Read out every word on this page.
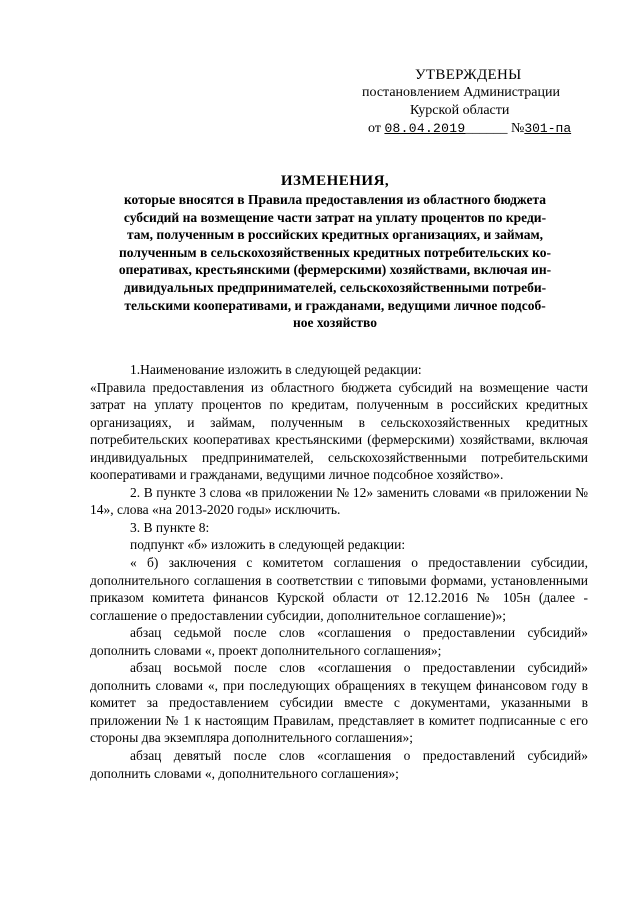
УТВЕРЖДЕНЫ
постановлением Администрации
Курской области
от 08.04.2019______ №301-па
ИЗМЕНЕНИЯ,
которые вносятся в Правила предоставления из областного бюджета
субсидий на возмещение части затрат на уплату процентов по креди-
там, полученным в российских кредитных организациях, и займам,
полученным в сельскохозяйственных кредитных потребительских ко-
оперативах, крестьянскими (фермерскими) хозяйствами, включая ин-
дивидуальных предпринимателей, сельскохозяйственными потреби-
тельскими кооперативами, и гражданами, ведущими личное подсоб-
ное хозяйство

1.Наименование изложить в следующей редакции:

«Правила предоставления из областного бюджета субсидий на возмещение части затрат на уплату процентов по кредитам, полученным в российских кредитных организациях, и займам, полученным в сельскохозяйственных кредитных потребительских кооперативах крестьянскими (фермерскими) хозяйствами, включая индивидуальных предпринимателей, сельскохозяйственными потребительскими кооперативами и гражданами, ведущими личное подсобное хозяйство».

2. В пункте 3 слова «в приложении № 12» заменить словами «в приложении № 14», слова «на 2013-2020 годы» исключить.

3. В пункте 8:

подпункт «б» изложить в следующей редакции:

« б) заключения с комитетом соглашения о предоставлении субсидии, дополнительного соглашения в соответствии с типовыми формами, установленными приказом комитета финансов Курской области от 12.12.2016 № 105н (далее - соглашение о предоставлении субсидии, дополнительное соглашение)»;

абзац седьмой после слов «соглашения о предоставлении субсидий» дополнить словами «, проект дополнительного соглашения»;

абзац восьмой после слов «соглашения о предоставлении субсидий» дополнить словами «, при последующих обращениях в текущем финансовом году в комитет за предоставлением субсидии вместе с документами, указанными в приложении № 1 к настоящим Правилам, представляет в комитет подписанные с его стороны два экземпляра дополнительного соглашения»;

абзац девятый после слов «соглашения о предоставлений субсидий» дополнить словами «, дополнительного соглашения»;
